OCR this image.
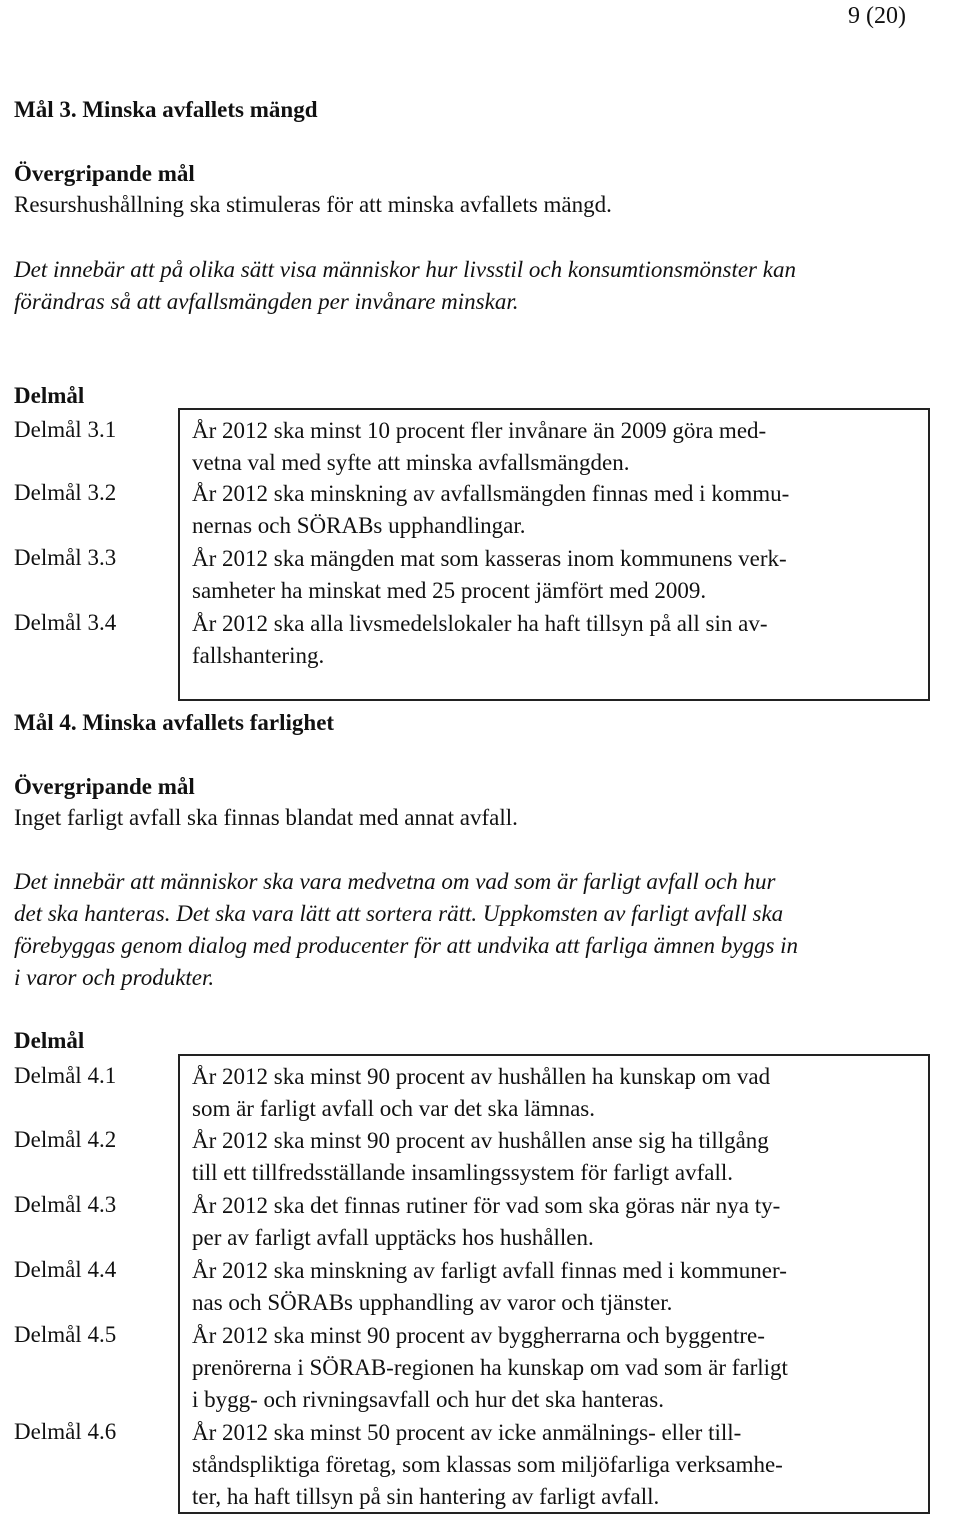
9 (20)
Mål 3. Minska avfallets mängd
Övergripande mål
Resurshushållning ska stimuleras för att minska avfallets mängd.
Det innebär att på olika sätt visa människor hur livsstil och konsumtionsmönster kan
förändras så att avfallsmängden per invånare minskar.
Delmål
Delmål 3.1
Delmål 3.2
Delmål 3.3
Delmål 3.4
År 2012 ska minst 10 procent fler invånare än 2009 göra med-
vetna val med syfte att minska avfallsmängden.
År 2012 ska minskning av avfallsmängden finnas med i kommu-
nernas och SÖRABs upphandlingar.
År 2012 ska mängden mat som kasseras inom kommunens verk-
samheter ha minskat med 25 procent jämfört med 2009.
År 2012 ska alla livsmedelslokaler ha haft tillsyn på all sin av-
fallshantering.
Mål 4. Minska avfallets farlighet
Övergripande mål
Inget farligt avfall ska finnas blandat med annat avfall.
Det innebär att människor ska vara medvetna om vad som är farligt avfall och hur
det ska hanteras. Det ska vara lätt att sortera rätt. Uppkomsten av farligt avfall ska
förebyggas genom dialog med producenter för att undvika att farliga ämnen byggs in
i varor och produkter.
Delmål
Delmål 4.1
Delmål 4.2
Delmål 4.3
Delmål 4.4
Delmål 4.5
Delmål 4.6
År 2012 ska minst 90 procent av hushållen ha kunskap om vad
som är farligt avfall och var det ska lämnas.
År 2012 ska minst 90 procent av hushållen anse sig ha tillgång
till ett tillfredsställande insamlingssystem för farligt avfall.
År 2012 ska det finnas rutiner för vad som ska göras när nya ty-
per av farligt avfall upptäcks hos hushållen.
År 2012 ska minskning av farligt avfall finnas med i kommuner-
nas och SÖRABs upphandling av varor och tjänster.
År 2012 ska minst 90 procent av byggherrarna och byggentre-
prenörerna i SÖRAB-regionen ha kunskap om vad som är farligt
i bygg- och rivningsavfall och hur det ska hanteras.
År 2012 ska minst 50 procent av icke anmälnings- eller till-
ståndspliktiga företag, som klassas som miljöfarliga verksamhe-
ter, ha haft tillsyn på sin hantering av farligt avfall.
